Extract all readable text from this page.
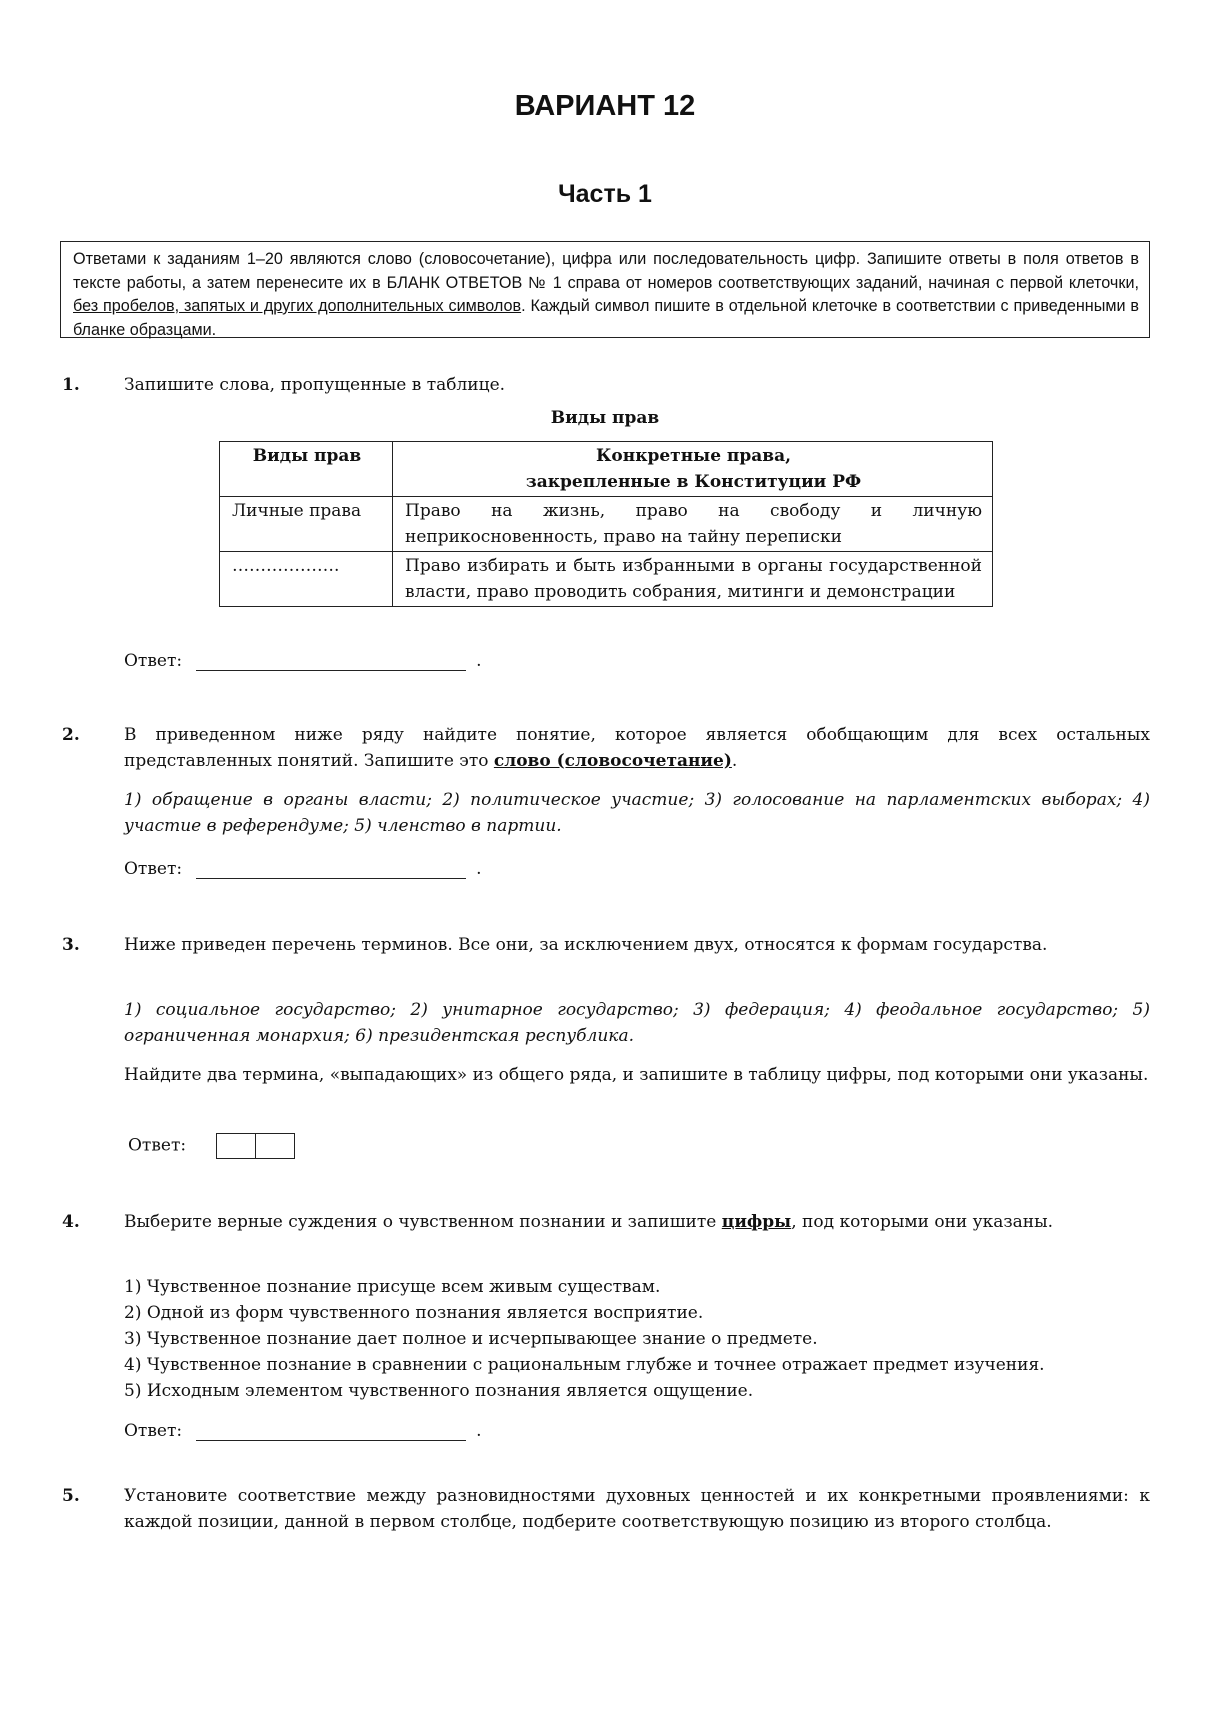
ВАРИАНТ 12
Часть 1
Ответами к заданиям 1–20 являются слово (словосочетание), цифра или последовательность цифр. Запишите ответы в поля ответов в тексте работы, а затем перенесите их в БЛАНК ОТВЕТОВ № 1 справа от номеров соответствующих заданий, начиная с первой клеточки, без пробелов, запятых и других дополнительных символов. Каждый символ пишите в отдельной клеточке в соответствии с приведенными в бланке образцами.
1.	Запишите слова, пропущенные в таблице.
Виды прав
Виды прав	Конкретные права,
закрепленные в Конституции РФ
Личные права	Право на жизнь, право на свободу и личную неприкосновенность, право на тайну переписки
……………….	Право избирать и быть избранными в органы государственной власти, право проводить собрания, митинги и демонстрации
Ответ:	.
2.	В приведенном ниже ряду найдите понятие, которое является обобщающим для всех остальных представленных понятий. Запишите это слово (словосочетание).
1) обращение в органы власти; 2) политическое участие; 3) голосование на парламентских выборах; 4) участие в референдуме; 5) членство в партии.
Ответ:	.
3.	Ниже приведен перечень терминов. Все они, за исключением двух, относятся к формам государства.
1) социальное государство; 2) унитарное государство; 3) федерация; 4) феодальное государство; 5) ограниченная монархия; 6) президентская республика.
Найдите два термина, «выпадающих» из общего ряда, и запишите в таблицу цифры, под которыми они указаны.
Ответ:
4.	Выберите верные суждения о чувственном познании и запишите цифры, под которыми они указаны.
1) Чувственное познание присуще всем живым существам.
2) Одной из форм чувственного познания является восприятие.
3) Чувственное познание дает полное и исчерпывающее знание о предмете.
4) Чувственное познание в сравнении с рациональным глубже и точнее отражает предмет изучения.
5) Исходным элементом чувственного познания является ощущение.
Ответ:	.
5.	Установите соответствие между разновидностями духовных ценностей и их конкретными проявлениями: к каждой позиции, данной в первом столбце, подберите соответствующую позицию из второго столбца.
